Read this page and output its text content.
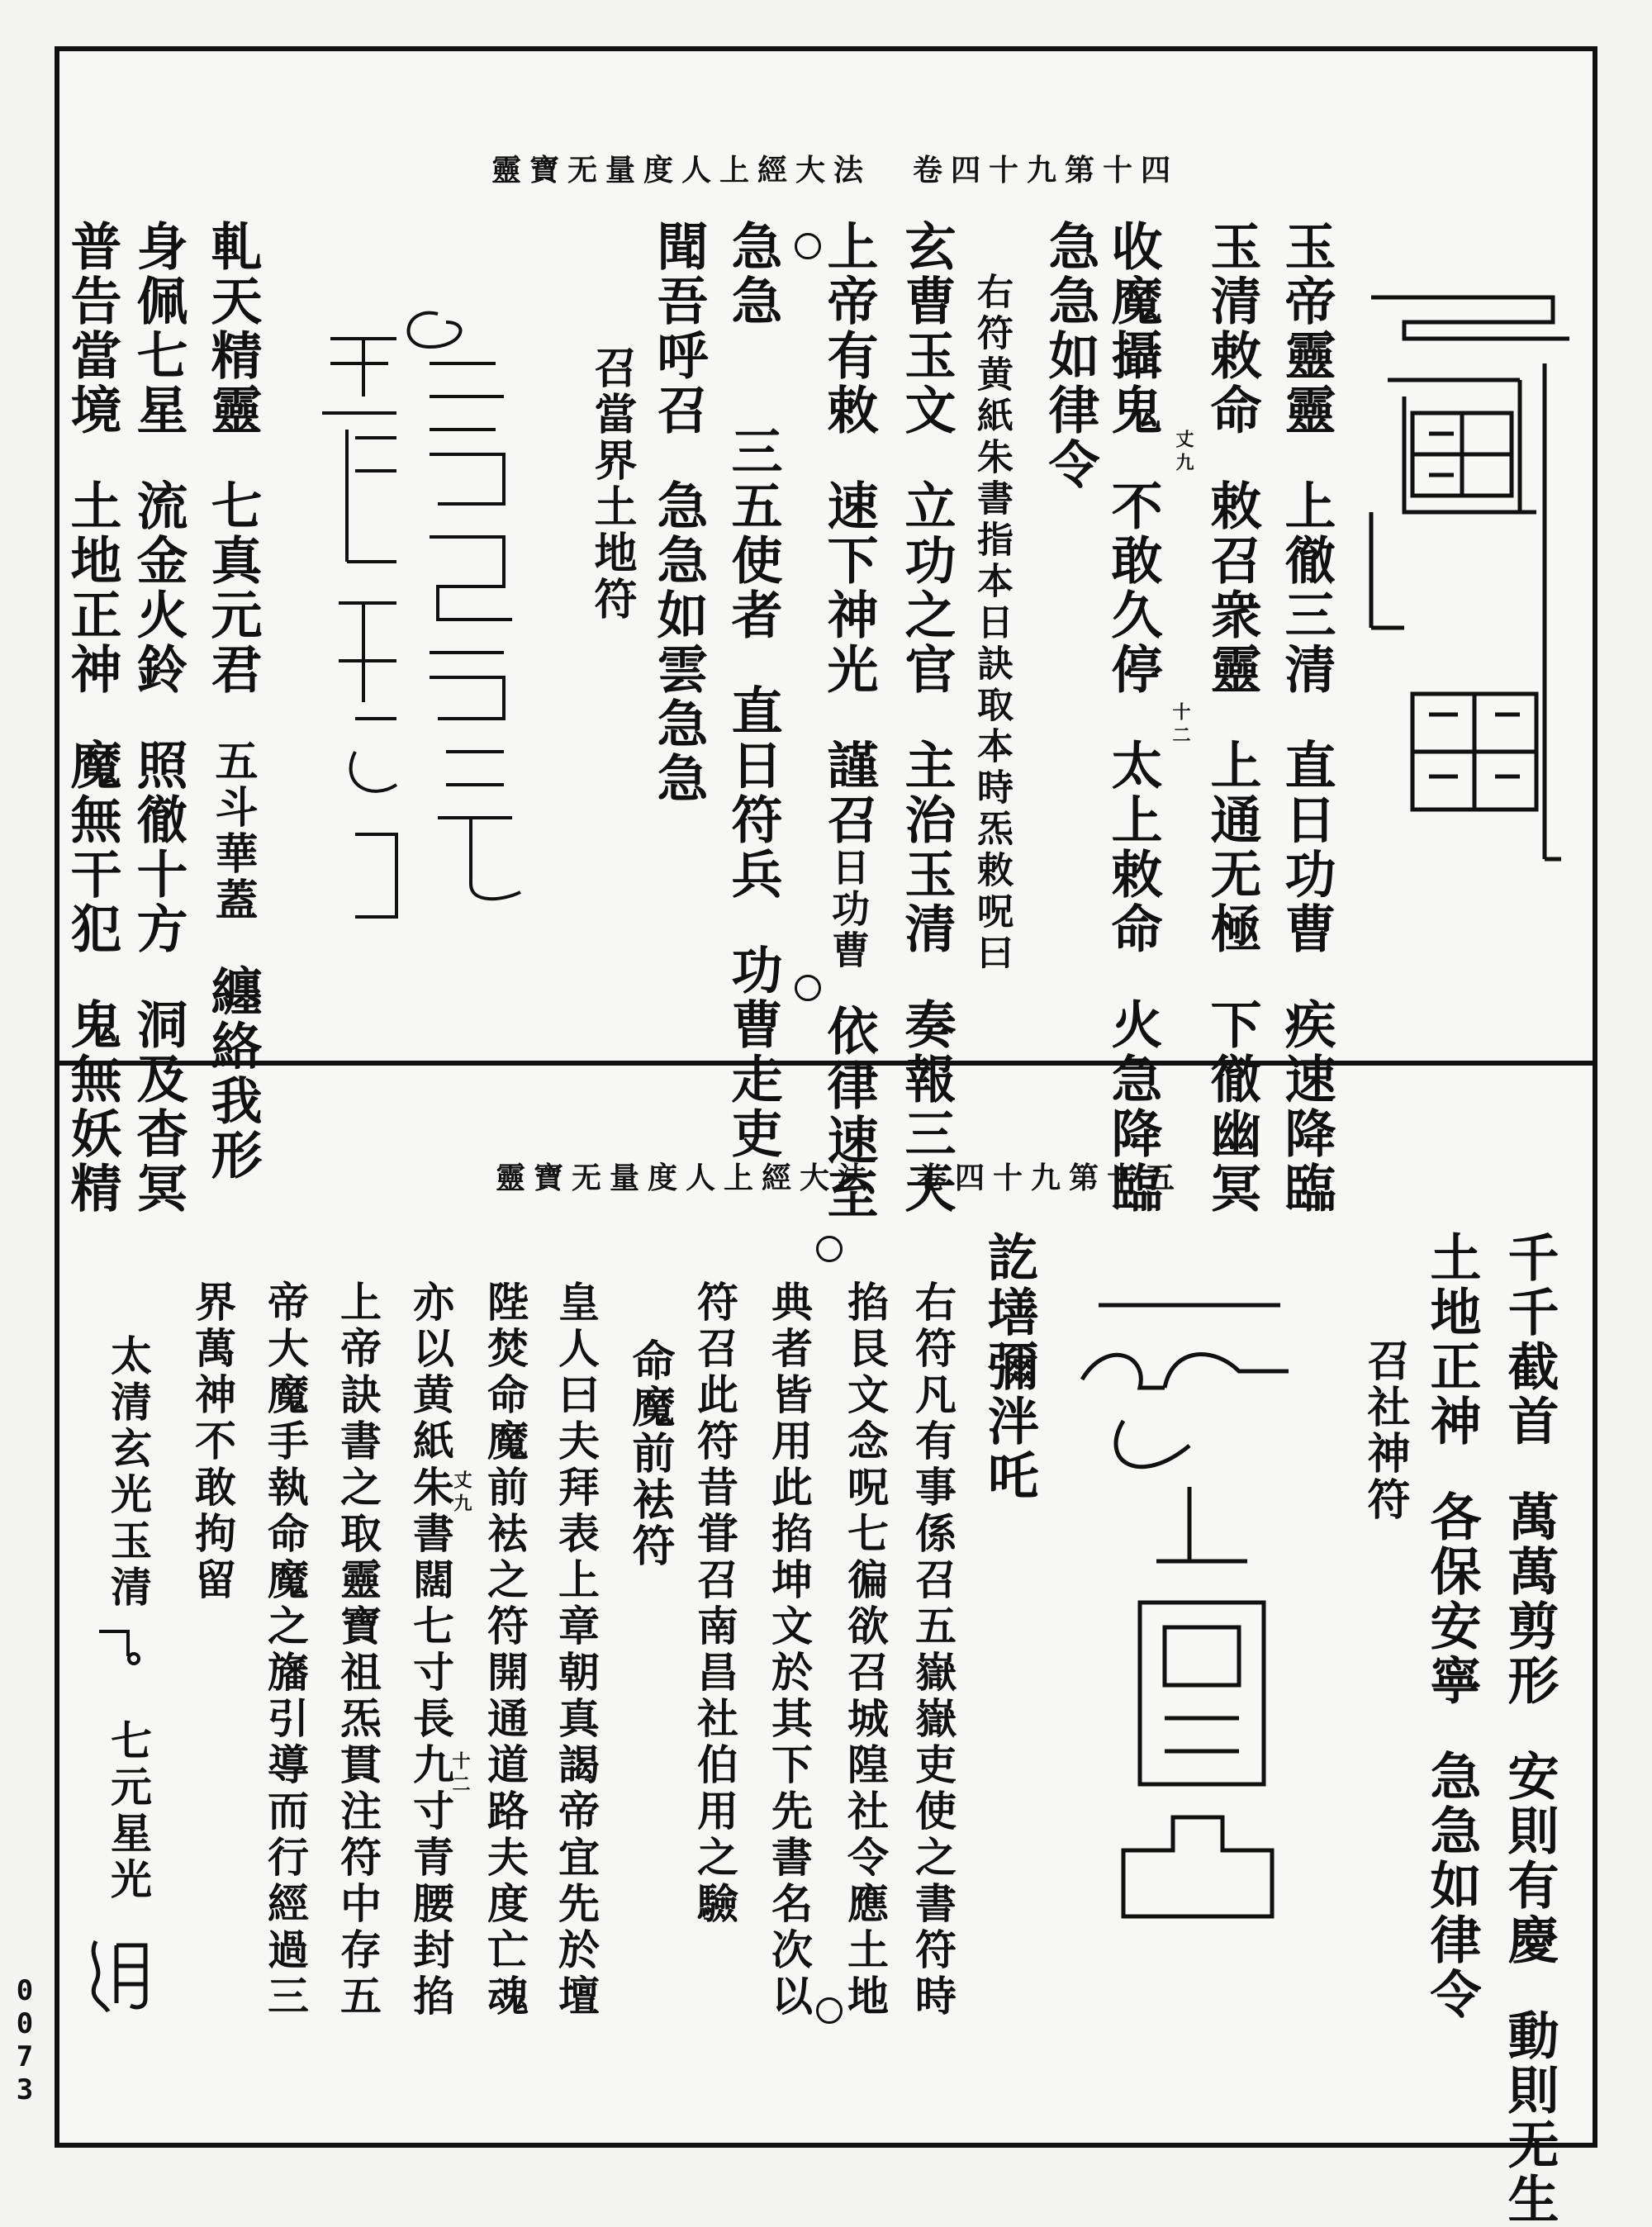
0073
靈寶无量度人上經大法 卷四十九第十四
玉帝靈靈上徹三清直日功曹疾速降臨
玉清敕命敕召衆靈上通无極下徹幽冥
丈九
十二
收魔攝鬼不敢久停太上敕命火急降臨
急急如律令
右符黄紙朱書指本日訣取本時炁敕呪曰
玄曹玉文立功之官主治玉清奏報三天
上帝有敕速下神光謹召日功曹依律速至
急急三五使者直日符兵功曹走吏
聞吾呼召急急如雲急急
召當界土地符
軋天精靈七真元君五斗華蓋纏絡我形
身佩七星流金火鈴照徹十方洞及杳冥
普告當境土地正神魔無干犯鬼無妖精	靈寶无量度人上經大法 卷四十九第十五
千千截首萬萬剪形安則有慶動則无生
土地正神各保安寧急急如律令
召社神符
訖墡彌泮吒
右符凡有事係召五嶽嶽吏使之書符時
掐艮文念呪七徧欲召城隍社令應土地
典者皆用此掐坤文於其下先書名次以
符召此符昔甞召南昌社伯用之驗
命魔前袪符
皇人曰夫拜表上章朝真謁帝宜先於壇
陛焚命魔前袪之符開通道路夫度亡魂
丈九
十二
亦以黄紙朱書闊七寸長九寸青腰封掐
上帝訣書之取靈寶祖炁貫注符中存五
帝大魔手執命魔之旛引導而行經過三
界萬神不敢拘留
太清玄光玉清七元星光
